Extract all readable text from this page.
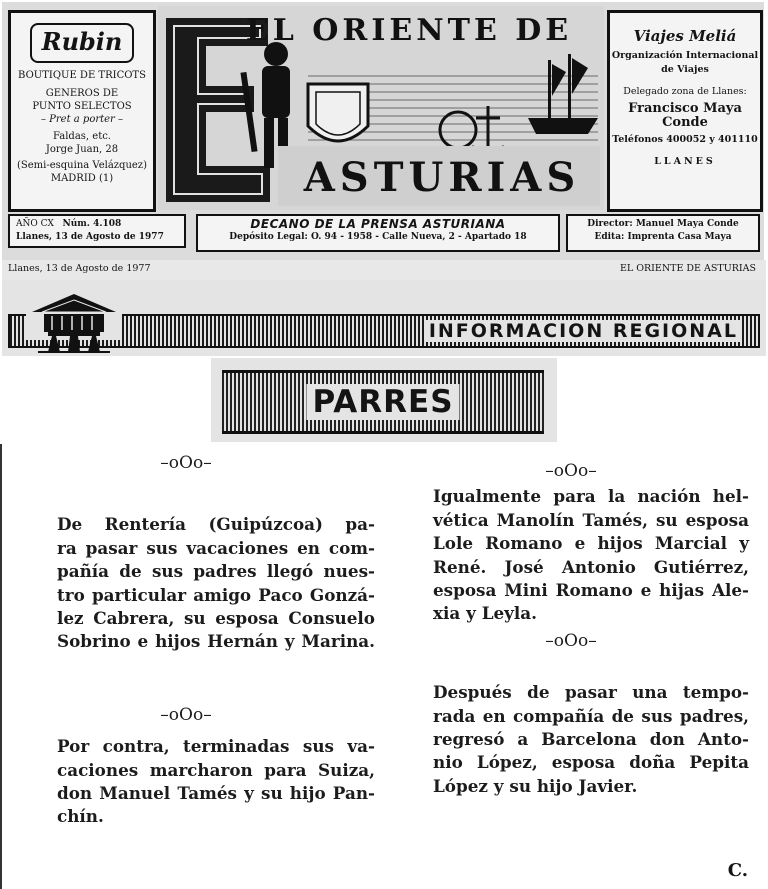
Rubin
BOUTIQUE DE TRICOTS
GENEROS DE
PUNTO SELECTOS
– Pret a porter –
Faldas, etc.
Jorge Juan, 28
(Semi-esquina Velázquez)
MADRID (1)
EL ORIENTE DE
ASTURIAS
Viajes Meliá
Organización Internacional
de Viajes
Delegado zona de Llanes:
Francisco Maya Conde
Teléfonos 400052 y 401110
LLANES
AÑO CX Núm. 4.108
Llanes, 13 de Agosto de 1977
DECANO DE LA PRENSA ASTURIANA
Depósito Legal: O. 94 - 1958 - Calle Nueva, 2 - Apartado 18
Director: Manuel Maya Conde
Edita: Imprenta Casa Maya
Llanes, 13 de Agosto de 1977	EL ORIENTE DE ASTURIAS
INFORMACION REGIONAL
PARRES
–oOo–

De Rentería (Guipúzcoa) pa-

ra pasar sus vacaciones en com-

pañía de sus padres llegó nues-

tro particular amigo Paco Gonzá-

lez Cabrera, su esposa Consuelo

Sobrino e hijos Hernán y Marina.

–oOo–

Por contra, terminadas sus va-

caciones marcharon para Suiza,

don Manuel Tamés y su hijo Pan-

chín.

–oOo–

Igualmente para la nación hel-

vética Manolín Tamés, su esposa

Lole Romano e hijos Marcial y

René. José Antonio Gutiérrez,

esposa Mini Romano e hijas Ale-

xia y Leyla.

–oOo–

Después de pasar una tempo-

rada en compañía de sus padres,

regresó a Barcelona don Anto-

nio López, esposa doña Pepita

López y su hijo Javier.

C.
